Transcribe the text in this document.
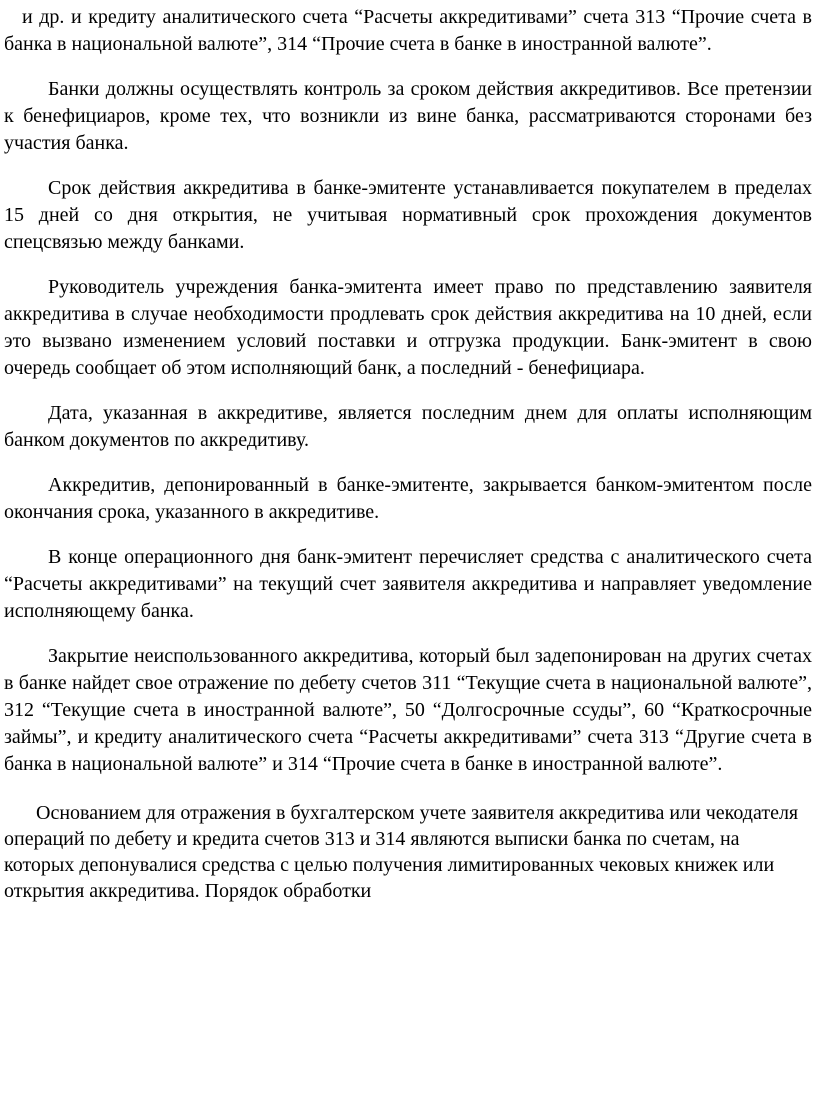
и др. и кредиту аналитического счета “Расчеты аккредитивами” счета 313 “Прочие счета в банка в национальной валюте”, 314 “Прочие счета в банке в иностранной валюте”.

Банки должны осуществлять контроль за сроком действия аккредитивов. Все претензии к бенефициаров, кроме тех, что возникли из вине банка, рассматриваются сторонами без участия банка.

Срок действия аккредитива в банке-эмитенте устанавливается покупателем в пределах 15 дней со дня открытия, не учитывая нормативный срок прохождения документов спецсвязью между банками.

Руководитель учреждения банка-эмитента имеет право по представлению заявителя аккредитива в случае необходимости продлевать срок действия аккредитива на 10 дней, если это вызвано изменением условий поставки и отгрузка продукции. Банк-эмитент в свою очередь сообщает об этом исполняющий банк, а последний - бенефициара.

Дата, указанная в аккредитиве, является последним днем для оплаты исполняющим банком документов по аккредитиву.

Аккредитив, депонированный в банке-эмитенте, закрывается банком-эмитентом после окончания срока, указанного в аккредитиве.

В конце операционного дня банк-эмитент перечисляет средства с аналитического счета “Расчеты аккредитивами” на текущий счет заявителя аккредитива и направляет уведомление исполняющему банка.

Закрытие неиспользованного аккредитива, который был задепонирован на других счетах в банке найдет свое отражение по дебету счетов 311 “Текущие счета в национальной валюте”, 312 “Текущие счета в иностранной валюте”, 50 “Долгосрочные ссуды”, 60 “Краткосрочные займы”, и кредиту аналитического счета “Расчеты аккредитивами” счета 313 “Другие счета в банка в национальной валюте” и 314 “Прочие счета в банке в иностранной валюте”.

Основанием для отражения в бухгалтерском учете заявителя аккредитива или чекодателя операций по дебету и кредита счетов 313 и 314 являются выписки банка по счетам, на которых депонувалися средства с целью получения лимитированных чековых книжек или открытия аккредитива. Порядок обработки
